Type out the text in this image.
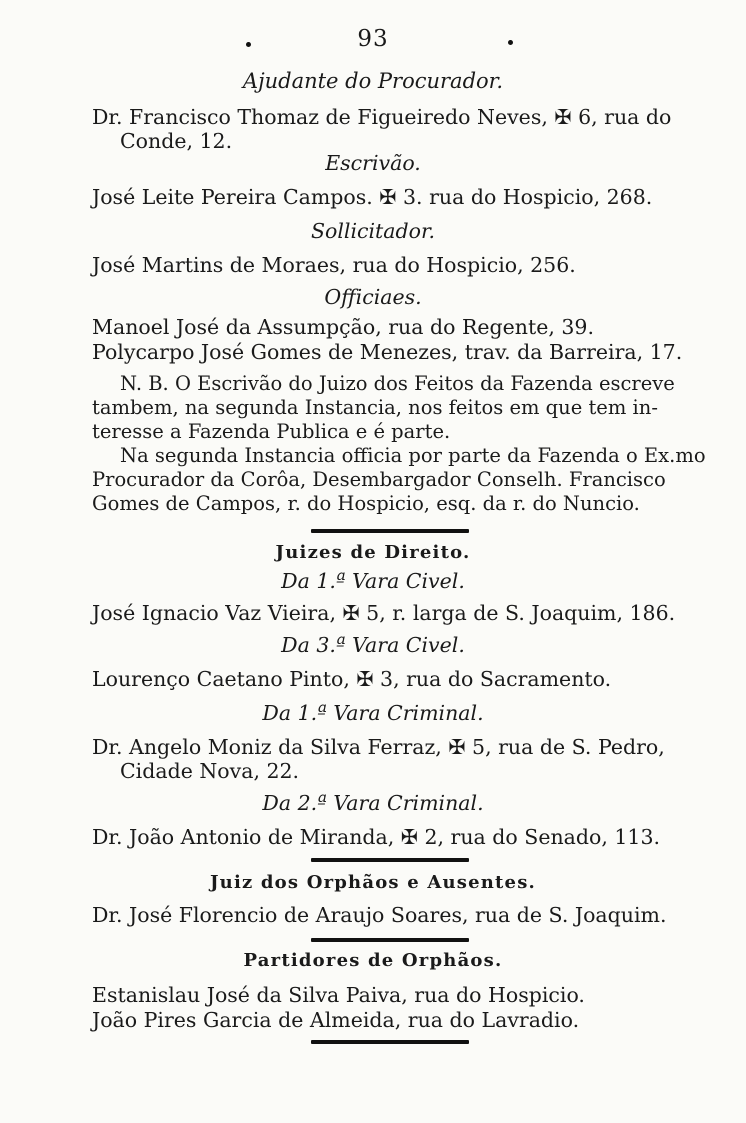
93
Ajudante do Procurador.
Dr. Francisco Thomaz de Figueiredo Neves, ✠ 6, rua do
Conde, 12.
Escrivão.
José Leite Pereira Campos. ✠ 3. rua do Hospicio, 268.
Sollicitador.
José Martins de Moraes, rua do Hospicio, 256.
Officiaes.
Manoel José da Assumpção, rua do Regente, 39.
Polycarpo José Gomes de Menezes, trav. da Barreira, 17.
N. B. O Escrivão do Juizo dos Feitos da Fazenda escreve
tambem, na segunda Instancia, nos feitos em que tem in-
teresse a Fazenda Publica e é parte.
Na segunda Instancia officia por parte da Fazenda o Ex.mo
Procurador da Corôa, Desembargador Conselh. Francisco
Gomes de Campos, r. do Hospicio, esq. da r. do Nuncio.
Juizes de Direito.
Da 1.ª Vara Civel.
José Ignacio Vaz Vieira, ✠ 5, r. larga de S. Joaquim, 186.
Da 3.ª Vara Civel.
Lourenço Caetano Pinto, ✠ 3, rua do Sacramento.
Da 1.ª Vara Criminal.
Dr. Angelo Moniz da Silva Ferraz, ✠ 5, rua de S. Pedro,
Cidade Nova, 22.
Da 2.ª Vara Criminal.
Dr. João Antonio de Miranda, ✠ 2, rua do Senado, 113.
Juiz dos Orphãos e Ausentes.
Dr. José Florencio de Araujo Soares, rua de S. Joaquim.
Partidores de Orphãos.
Estanislau José da Silva Paiva, rua do Hospicio.
João Pires Garcia de Almeida, rua do Lavradio.
